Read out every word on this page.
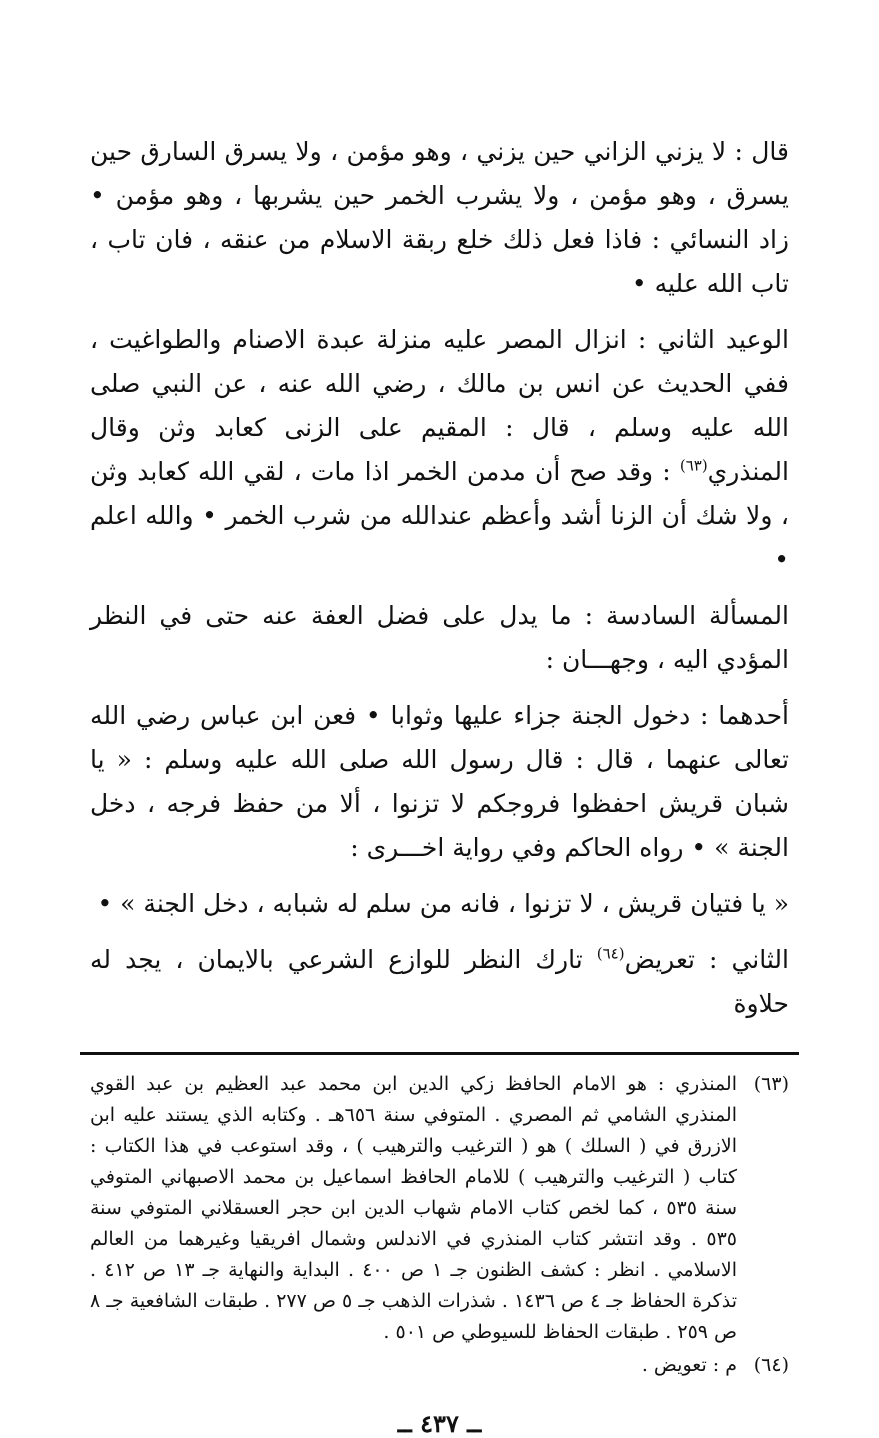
قال : لا يزني الزاني حين يزني ، وهو مؤمن ، ولا يسرق السارق حين يسرق ، وهو مؤمن ، ولا يشرب الخمر حين يشربها ، وهو مؤمن • زاد النسائي : فاذا فعل ذلك خلع ربقة الاسلام من عنقه ، فان تاب ، تاب الله عليه •

الوعيد الثاني : انزال المصر عليه منزلة عبدة الاصنام والطواغيت ، ففي الحديث عن انس بن مالك ، رضي الله عنه ، عن النبي صلى الله عليه وسلم ، قال : المقيم على الزنى كعابد وثن وقال المنذري$^{(٦٣)}$ : وقد صح أن مدمن الخمر اذا مات ، لقي الله كعابد وثن ، ولا شك أن الزنا أشد وأعظم عندالله من شرب الخمر • والله اعلم •

المسألة السادسة : ما يدل على فضل العفة عنه حتى في النظر المؤدي اليه ، وجهـــان :

أحدهما : دخول الجنة جزاء عليها وثوابا • فعن ابن عباس رضي الله تعالى عنهما ، قال : قال رسول الله صلى الله عليه وسلم : « يا شبان قريش احفظوا فروجكم لا تزنوا ، ألا من حفظ فرجه ، دخل الجنة » • رواه الحاكم وفي رواية اخـــرى :

« يا فتيان قريش ، لا تزنوا ، فانه من سلم له شبابه ، دخل الجنة » •

الثاني : تعريض$^{(٦٤)}$ تارك النظر للوازع الشرعي بالايمان ، يجد له حلاوة

(٦٣)
المنذري : هو الامام الحافظ زكي الدين ابن محمد عبد العظيم بن عبد القوي المنذري الشامي ثم المصري . المتوفي سنة ٦٥٦هـ . وكتابه الذي يستند عليه ابن الازرق في ( السلك ) هو ( الترغيب والترهيب ) ، وقد استوعب في هذا الكتاب : كتاب ( الترغيب والترهيب ) للامام الحافظ اسماعيل بن محمد الاصبهاني المتوفي سنة ٥٣٥ ، كما لخص كتاب الامام شهاب الدين ابن حجر العسقلاني المتوفي سنة ٥٣٥ . وقد انتشر كتاب المنذري في الاندلس وشمال افريقيا وغيرهما من العالم الاسلامي . انظر : كشف الظنون جـ ١ ص ٤٠٠ . البداية والنهاية جـ ١٣ ص ٤١٢ . تذكرة الحفاظ جـ ٤ ص ١٤٣٦ . شذرات الذهب جـ ٥ ص ٢٧٧ . طبقات الشافعية جـ ٨ ص ٢٥٩ . طبقات الحفاظ للسيوطي ص ٥٠١ .
(٦٤)
م : تعويض .
ــ ٤٣٧ ــ
